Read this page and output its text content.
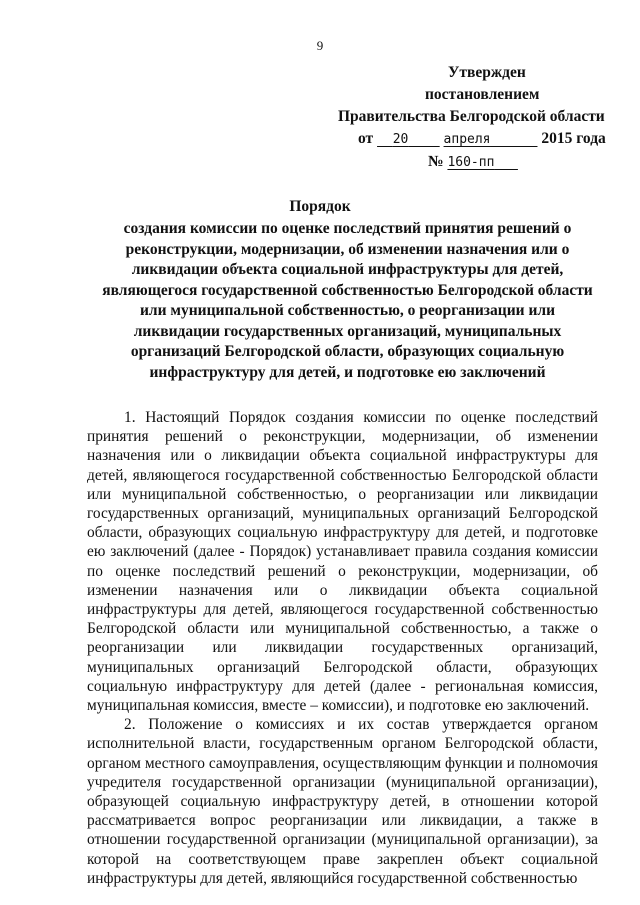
9
Утвержден
постановлением
Правительства Белгородской области
от 20	апреля	2015 года
№ 160-пп
Порядок
создания комиссии по оценке последствий принятия решений о реконструкции, модернизации, об изменении назначения или о ликвидации объекта социальной инфраструктуры для детей, являющегося государственной собственностью Белгородской области или муниципальной собственностью, о реорганизации или ликвидации государственных организаций, муниципальных организаций Белгородской области, образующих социальную инфраструктуру для детей, и подготовке ею заключений

1. Настоящий Порядок создания комиссии по оценке последствий принятия решений о реконструкции, модернизации, об изменении назначения или о ликвидации объекта социальной инфраструктуры для детей, являющегося государственной собственностью Белгородской области или муниципальной собственностью, о реорганизации или ликвидации государственных организаций, муниципальных организаций Белгородской области, образующих социальную инфраструктуру для детей, и подготовке ею заключений (далее - Порядок) устанавливает правила создания комиссии по оценке последствий решений о реконструкции, модернизации, об изменении назначения или о ликвидации объекта социальной инфраструктуры для детей, являющегося государственной собственностью Белгородской области или муниципальной собственностью, а также о реорганизации или ликвидации государственных организаций, муниципальных организаций Белгородской области, образующих социальную инфраструктуру для детей (далее - региональная комиссия, муниципальная комиссия, вместе – комиссии), и подготовке ею заключений.

2. Положение о комиссиях и их состав утверждается органом исполнительной власти, государственным органом Белгородской области, органом местного самоуправления, осуществляющим функции и полномочия учредителя государственной организации (муниципальной организации), образующей социальную инфраструктуру детей, в отношении которой рассматривается вопрос реорганизации или ликвидации, а также в отношении государственной организации (муниципальной организации), за которой на соответствующем праве закреплен объект социальной инфраструктуры для детей, являющийся государственной собственностью
